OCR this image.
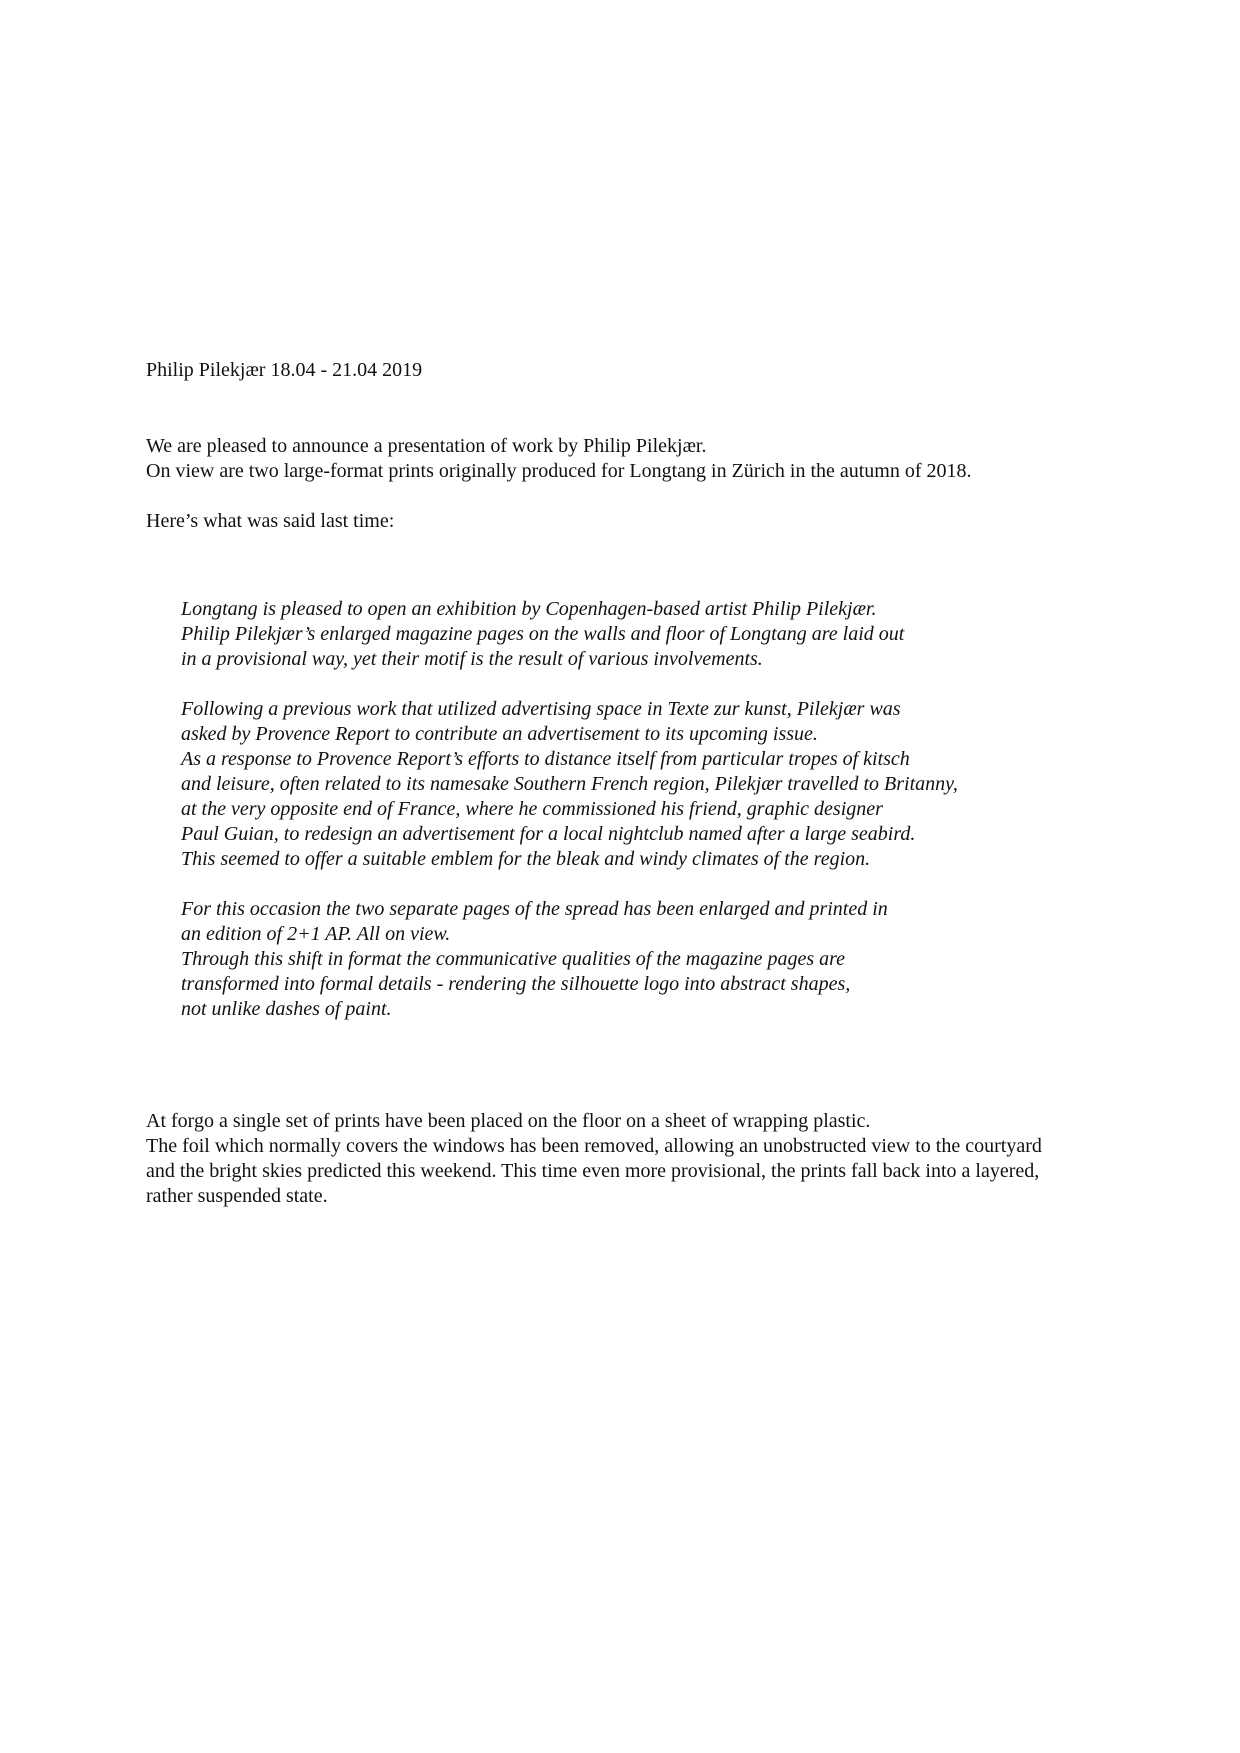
Philip Pilekjær 18.04 - 21.04 2019

We are pleased to announce a presentation of work by Philip Pilekjær.

On view are two large-format prints originally produced for Longtang in Zürich in the autumn of 2018.

Here’s what was said last time:

Longtang is pleased to open an exhibition by Copenhagen-based artist Philip Pilekjær.

Philip Pilekjær’s enlarged magazine pages on the walls and floor of Longtang are laid out

in a provisional way, yet their motif is the result of various involvements.

Following a previous work that utilized advertising space in Texte zur kunst, Pilekjær was

asked by Provence Report to contribute an advertisement to its upcoming issue.

As a response to Provence Report’s efforts to distance itself from particular tropes of kitsch

and leisure, often related to its namesake Southern French region, Pilekjær travelled to Britanny,

at the very opposite end of France, where he commissioned his friend, graphic designer

Paul Guian, to redesign an advertisement for a local nightclub named after a large seabird.

This seemed to offer a suitable emblem for the bleak and windy climates of the region.

For this occasion the two separate pages of the spread has been enlarged and printed in

an edition of 2+1 AP. All on view.

Through this shift in format the communicative qualities of the magazine pages are

transformed into formal details - rendering the silhouette logo into abstract shapes,

not unlike dashes of paint.

At forgo a single set of prints have been placed on the floor on a sheet of wrapping plastic.

The foil which normally covers the windows has been removed, allowing an unobstructed view to the courtyard

and the bright skies predicted this weekend. This time even more provisional, the prints fall back into a layered,

rather suspended state.
